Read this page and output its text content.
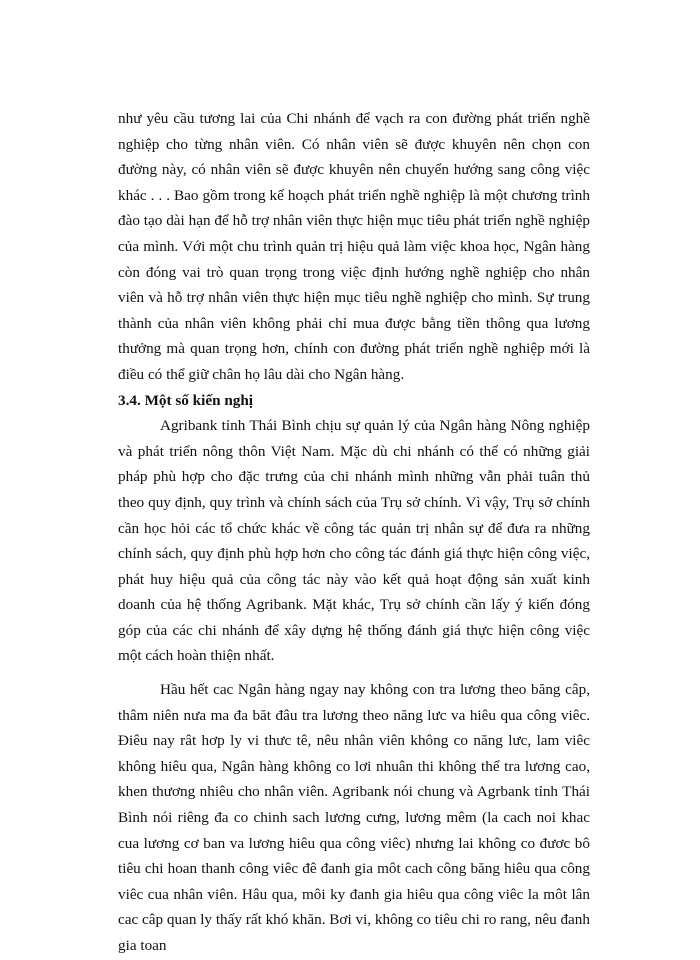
như yêu cầu tương lai của Chi nhánh để vạch ra con đường phát triển nghề nghiệp cho từng nhân viên. Có nhân viên sẽ được khuyên nên chọn con đường này, có nhân viên sẽ được khuyên nên chuyển hướng sang công việc khác . . . Bao gồm trong kế hoạch phát triển nghề nghiệp là một chương trình đào tạo dài hạn để hỗ trợ nhân viên thực hiện mục tiêu phát triển nghề nghiệp của mình. Với một chu trình quản trị hiệu quả làm việc khoa học, Ngân hàng còn đóng vai trò quan trọng trong việc định hướng nghề nghiệp cho nhân viên và hỗ trợ nhân viên thực hiện mục tiêu nghề nghiệp cho mình. Sự trung thành của nhân viên không phải chỉ mua được bằng tiền thông qua lương thưởng mà quan trọng hơn, chính con đường phát triển nghề nghiệp mới là điều có thể giữ chân họ lâu dài cho Ngân hàng.

3.4. Một số kiến nghị

Agribank tỉnh Thái Bình chịu sự quản lý của Ngân hàng Nông nghiệp và phát triển nông thôn Việt Nam. Mặc dù chi nhánh có thể có những giải pháp phù hợp cho đặc trưng của chi nhánh mình những vẫn phải tuân thủ theo quy định, quy trình và chính sách của Trụ sở chính. Vì vậy, Trụ sở chính cần học hỏi các tổ chức khác về công tác quản trị nhân sự để đưa ra những chính sách, quy định phù hợp hơn cho công tác đánh giá thực hiện công việc, phát huy hiệu quả của công tác này vào kết quả hoạt động sản xuất kinh doanh của hệ thống Agribank. Mặt khác, Trụ sở chính cần lấy ý kiến đóng góp của các chi nhánh để xây dựng hệ thống đánh giá thực hiện công việc một cách hoàn thiện nhất.

Hầu hết cac Ngân hàng ngay nay không con tra lương theo băng câp, thâm niên nưa ma đa băt đâu tra lương theo năng lưc va hiêu qua công viêc. Điêu nay rât hơp ly vi thưc tê, nêu nhân viên không co năng lưc, lam viêc không hiêu qua, Ngân hàng không co lơi nhuân thi không thể tra lương cao, khen thương nhiêu cho nhân viên. Agribank nói chung và Agrbank tỉnh Thái Bình nói riêng đa co chinh sach lương cưng, lương mêm (la cach noi khac cua lương cơ ban va lương hiêu qua công viêc) nhưng lai không co đươc bô tiêu chi hoan thanh công viêc đê đanh gia môt cach công băng hiêu qua công viêc cua nhân viên. Hâu qua, môi ky đanh gia hiêu qua công viêc la môt lân cac câp quan ly thấy rất khó khăn. Bơi vi, không co tiêu chi ro rang, nêu đanh gia toan
